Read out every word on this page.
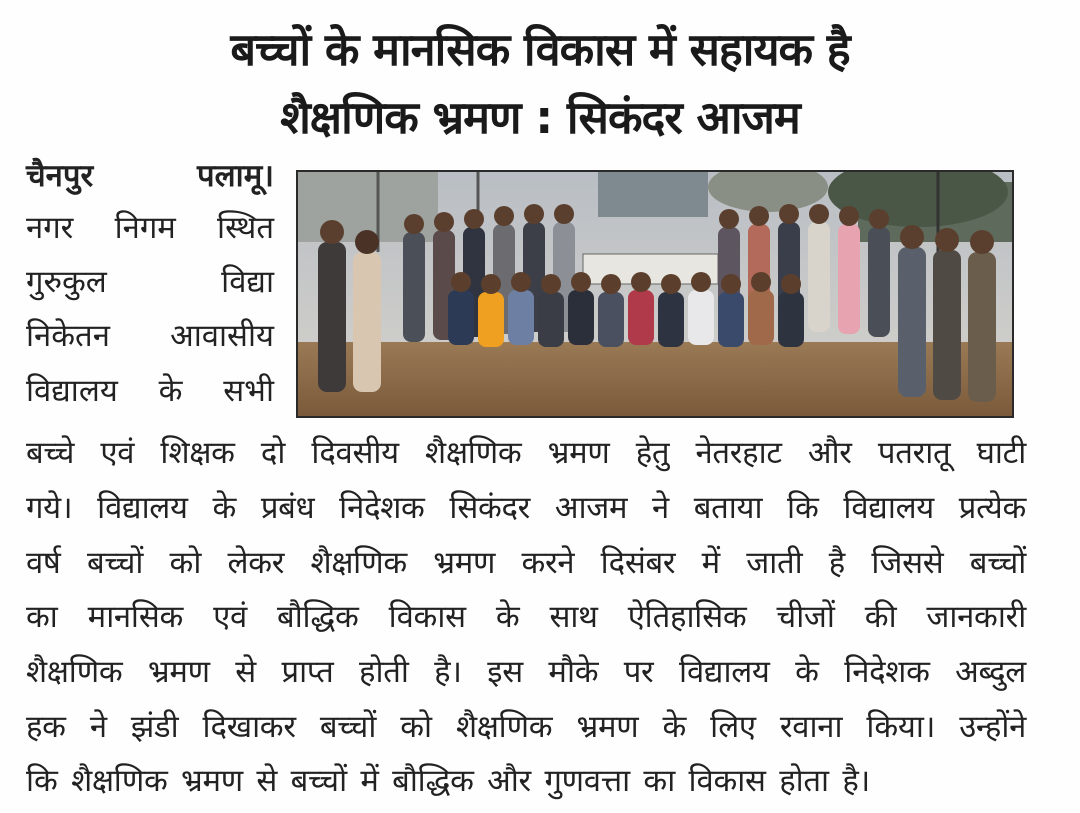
बच्चों के मानसिक विकास में सहायक है
शैक्षणिक भ्रमण : सिकंदर आजम
चैनपुर पलामू।
नगर निगम स्थित
गुरुकुल विद्या
निकेतन आवासीय
विद्यालय के सभी
बच्चे एवं शिक्षक दो दिवसीय शैक्षणिक भ्रमण हेतु नेतरहाट और पतरातू घाटी
गये। विद्यालय के प्रबंध निदेशक सिकंदर आजम ने बताया कि विद्यालय प्रत्येक
वर्ष बच्चों को लेकर शैक्षणिक भ्रमण करने दिसंबर में जाती है जिससे बच्चों
का मानसिक एवं बौद्धिक विकास के साथ ऐतिहासिक चीजों की जानकारी
शैक्षणिक भ्रमण से प्राप्त होती है। इस मौके पर विद्यालय के निदेशक अब्दुल
हक ने झंडी दिखाकर बच्चों को शैक्षणिक भ्रमण के लिए रवाना किया। उन्होंने
कि शैक्षणिक भ्रमण से बच्चों में बौद्धिक और गुणवत्ता का विकास होता है।
